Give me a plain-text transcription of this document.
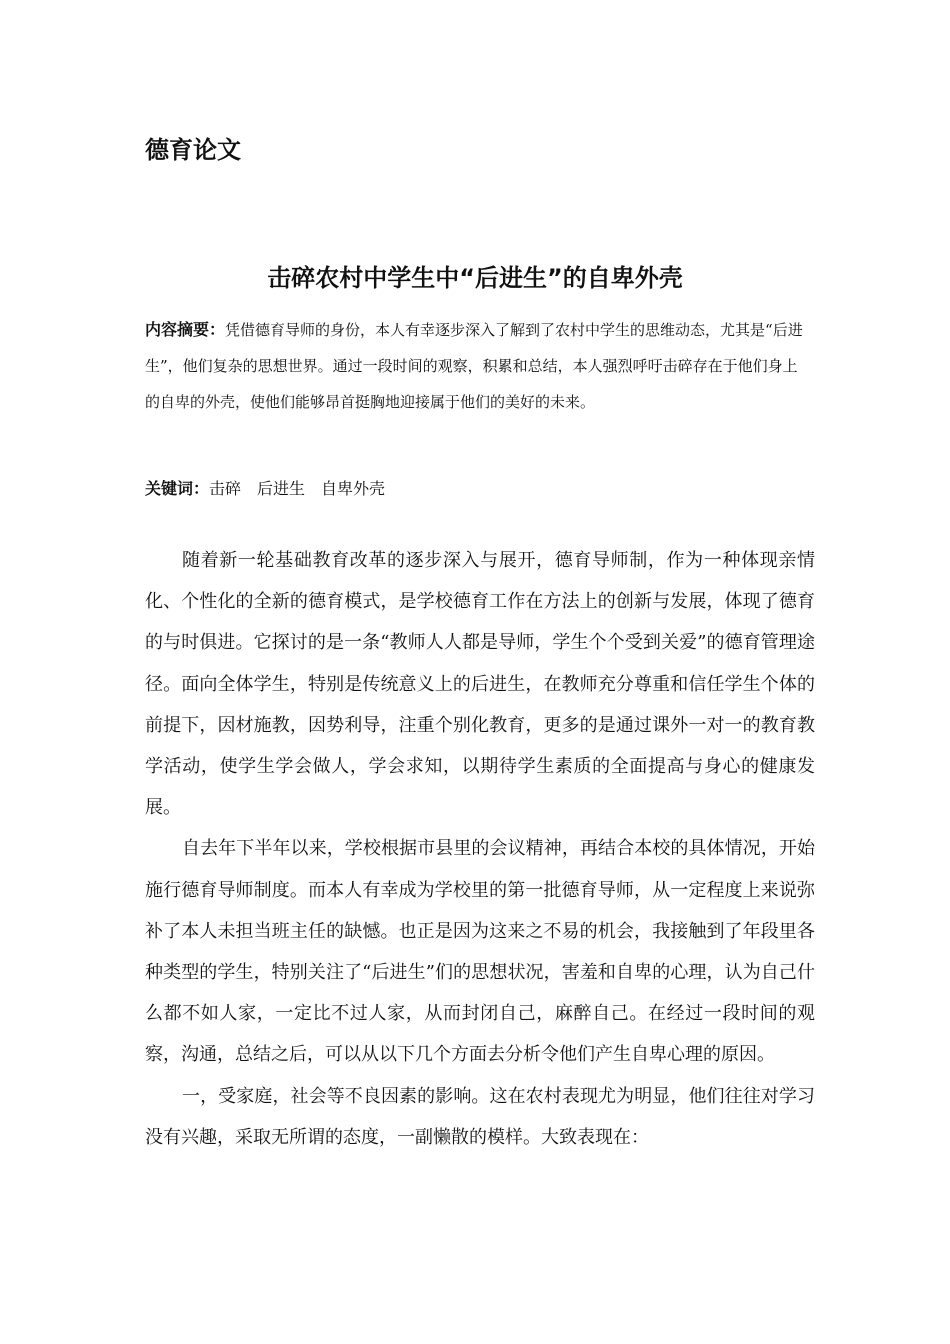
德育论文
击碎农村中学生中“后进生”的自卑外壳

内容摘要：凭借德育导师的身份，本人有幸逐步深入了解到了农村中学生的思维动态，尤其是“后进生”，他们复杂的思想世界。通过一段时间的观察，积累和总结，本人强烈呼吁击碎存在于他们身上的自卑的外壳，使他们能够昂首挺胸地迎接属于他们的美好的未来。

关键词：击碎 后进生 自卑外壳

随着新一轮基础教育改革的逐步深入与展开，德育导师制，作为一种体现亲情化、个性化的全新的德育模式，是学校德育工作在方法上的创新与发展，体现了德育的与时俱进。它探讨的是一条“教师人人都是导师，学生个个受到关爱”的德育管理途径。面向全体学生，特别是传统意义上的后进生，在教师充分尊重和信任学生个体的前提下，因材施教，因势利导，注重个别化教育，更多的是通过课外一对一的教育教学活动，使学生学会做人，学会求知，以期待学生素质的全面提高与身心的健康发展。

自去年下半年以来，学校根据市县里的会议精神，再结合本校的具体情况，开始施行德育导师制度。而本人有幸成为学校里的第一批德育导师，从一定程度上来说弥补了本人未担当班主任的缺憾。也正是因为这来之不易的机会，我接触到了年段里各种类型的学生，特别关注了“后进生”们的思想状况，害羞和自卑的心理，认为自己什么都不如人家，一定比不过人家，从而封闭自己，麻醉自己。在经过一段时间的观察，沟通，总结之后，可以从以下几个方面去分析令他们产生自卑心理的原因。

一，受家庭，社会等不良因素的影响。这在农村表现尤为明显，他们往往对学习没有兴趣，采取无所谓的态度，一副懒散的模样。大致表现在：
